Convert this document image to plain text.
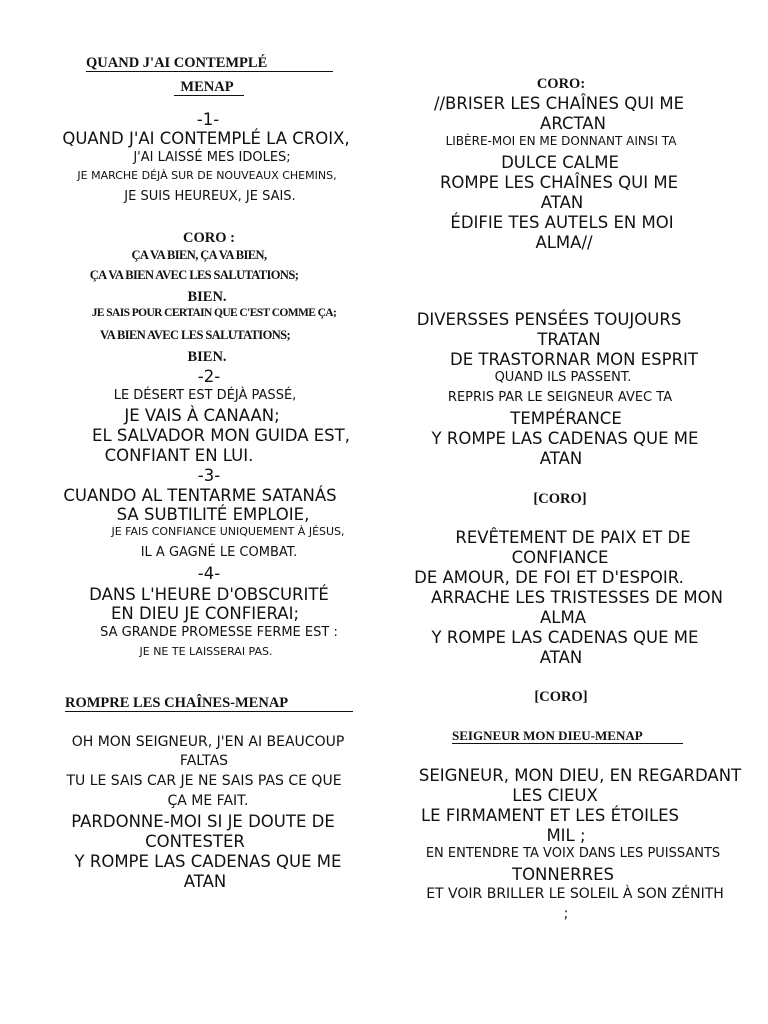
QUAND J'AI CONTEMPLÉ
MENAP
-1-
QUAND J'AI CONTEMPLÉ LA CROIX,
J'AI LAISSÉ MES IDOLES;
JE MARCHE DÉJÀ SUR DE NOUVEAUX CHEMINS,
JE SUIS HEUREUX, JE SAIS.
CORO :
ÇA VA BIEN, ÇA VA BIEN,
ÇA VA BIEN AVEC LES SALUTATIONS;
BIEN.
JE SAIS POUR CERTAIN QUE C'EST COMME ÇA;
VA BIEN AVEC LES SALUTATIONS;
BIEN.
-2-
LE DÉSERT EST DÉJÀ PASSÉ,
JE VAIS À CANAAN;
EL SALVADOR MON GUIDA EST,
CONFIANT EN LUI.
-3-
CUANDO AL TENTARME SATANÁS
SA SUBTILITÉ EMPLOIE,
JE FAIS CONFIANCE UNIQUEMENT À JÉSUS,
IL A GAGNÉ LE COMBAT.
-4-
DANS L'HEURE D'OBSCURITÉ
EN DIEU JE CONFIERAI;
SA GRANDE PROMESSE FERME EST :
JE NE TE LAISSERAI PAS.
ROMPRE LES CHAÎNES-MENAP
OH MON SEIGNEUR, J'EN AI BEAUCOUP
FALTAS
TU LE SAIS CAR JE NE SAIS PAS CE QUE
ÇA ME FAIT.
PARDONNE-MOI SI JE DOUTE DE
CONTESTER
Y ROMPE LAS CADENAS QUE ME
ATAN
CORO:
//BRISER LES CHAÎNES QUI ME
ARCTAN
LIBÈRE-MOI EN ME DONNANT AINSI TA
DULCE CALME
ROMPE LES CHAÎNES QUI ME
ATAN
ÉDIFIE TES AUTELS EN MOI
ALMA//
DIVERSSES PENSÉES TOUJOURS
TRATAN
DE TRASTORNAR MON ESPRIT
QUAND ILS PASSENT.
REPRIS PAR LE SEIGNEUR AVEC TA
TEMPÉRANCE
Y ROMPE LAS CADENAS QUE ME
ATAN
[CORO]
REVÊTEMENT DE PAIX ET DE
CONFIANCE
DE AMOUR, DE FOI ET D'ESPOIR.
ARRACHE LES TRISTESSES DE MON
ALMA
Y ROMPE LAS CADENAS QUE ME
ATAN
[CORO]
SEIGNEUR MON DIEU-MENAP
SEIGNEUR, MON DIEU, EN REGARDANT
LES CIEUX
LE FIRMAMENT ET LES ÉTOILES
MIL ;
EN ENTENDRE TA VOIX DANS LES PUISSANTS
TONNERRES
ET VOIR BRILLER LE SOLEIL À SON ZÉNITH
;
